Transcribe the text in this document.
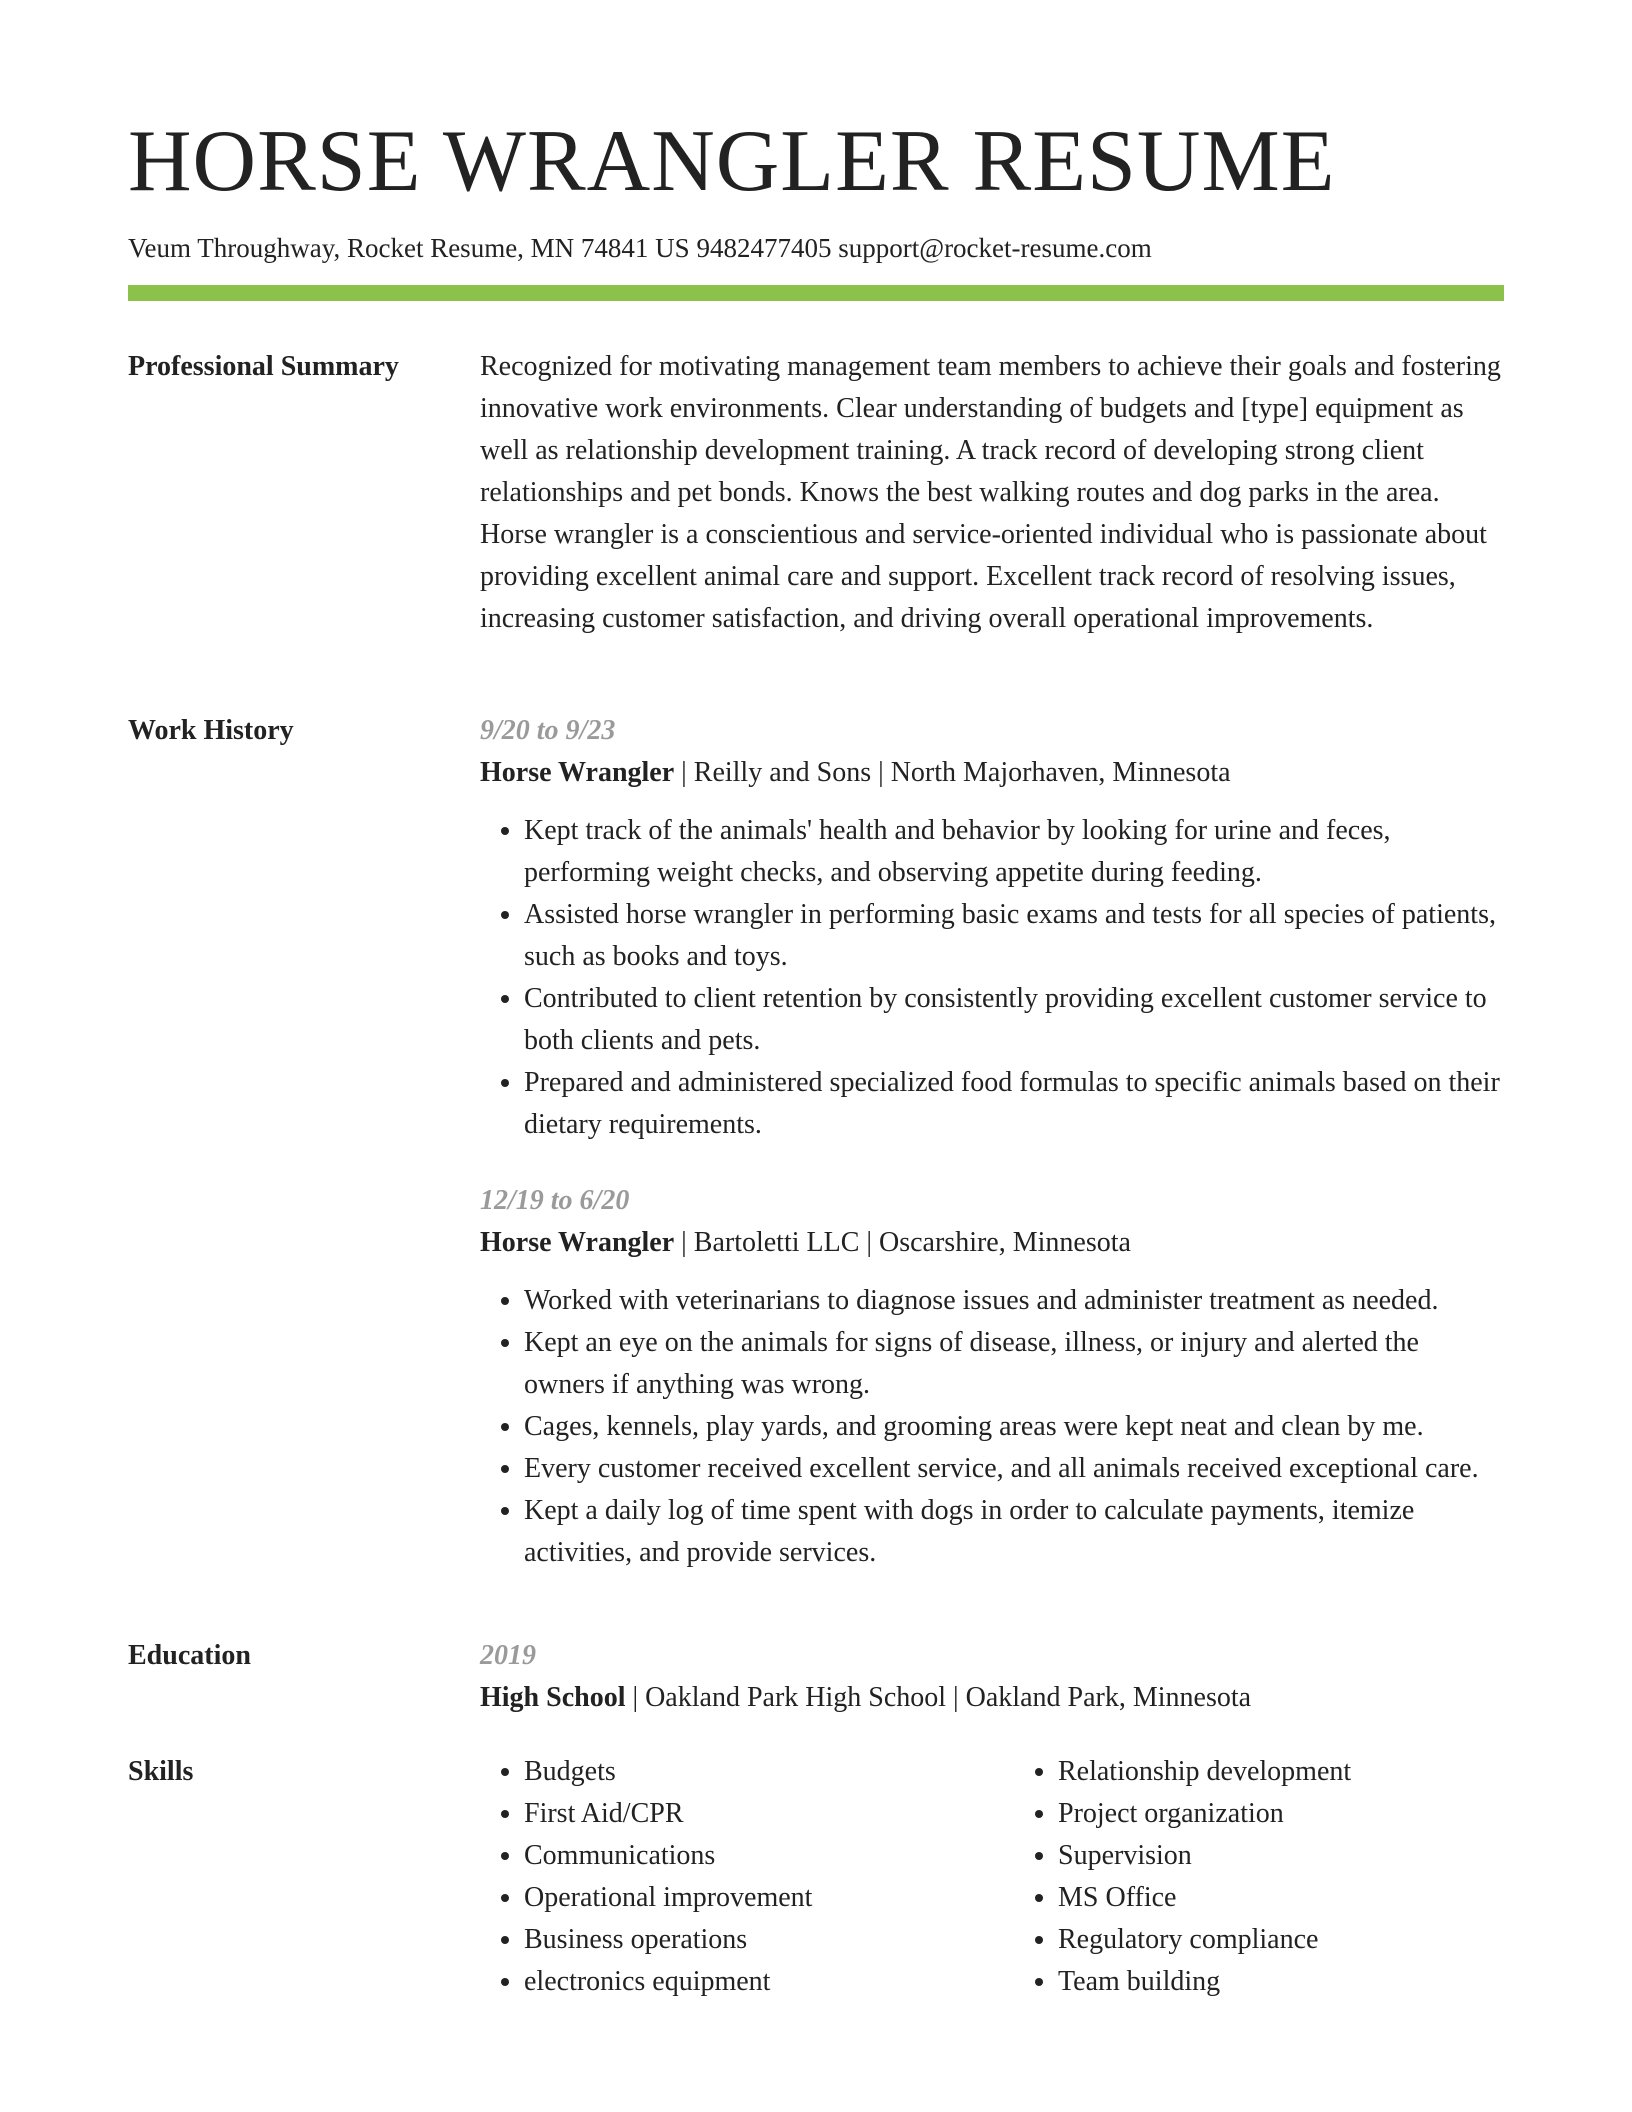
HORSE WRANGLER RESUME
Veum Throughway, Rocket Resume, MN 74841 US 9482477405 support@rocket-resume.com
Professional Summary	Recognized for motivating management team members to achieve their goals and fostering innovative work environments. Clear understanding of budgets and [type] equipment as well as relationship development training. A track record of developing strong client relationships and pet bonds. Knows the best walking routes and dog parks in the area. Horse wrangler is a conscientious and service-oriented individual who is passionate about providing excellent animal care and support. Excellent track record of resolving issues, increasing customer satisfaction, and driving overall operational improvements.

Work History	9/20 to 9/23
Horse Wrangler | Reilly and Sons | North Majorhaven, Minnesota
• Kept track of the animals' health and behavior by looking for urine and feces, performing weight checks, and observing appetite during feeding.
• Assisted horse wrangler in performing basic exams and tests for all species of patients, such as books and toys.
• Contributed to client retention by consistently providing excellent customer service to both clients and pets.
• Prepared and administered specialized food formulas to specific animals based on their dietary requirements.
12/19 to 6/20
Horse Wrangler | Bartoletti LLC | Oscarshire, Minnesota
• Worked with veterinarians to diagnose issues and administer treatment as needed.
• Kept an eye on the animals for signs of disease, illness, or injury and alerted the owners if anything was wrong.
• Cages, kennels, play yards, and grooming areas were kept neat and clean by me.
• Every customer received excellent service, and all animals received exceptional care.
• Kept a daily log of time spent with dogs in order to calculate payments, itemize activities, and provide services.
Education	2019
High School | Oakland Park High School | Oakland Park, Minnesota
Skills
•	Budgets
• First Aid/CPR
• Communications
• Operational improvement
• Business operations
• electronics equipment
• Relationship development
• Project organization
• Supervision
• MS Office
• Regulatory compliance
• Team building
